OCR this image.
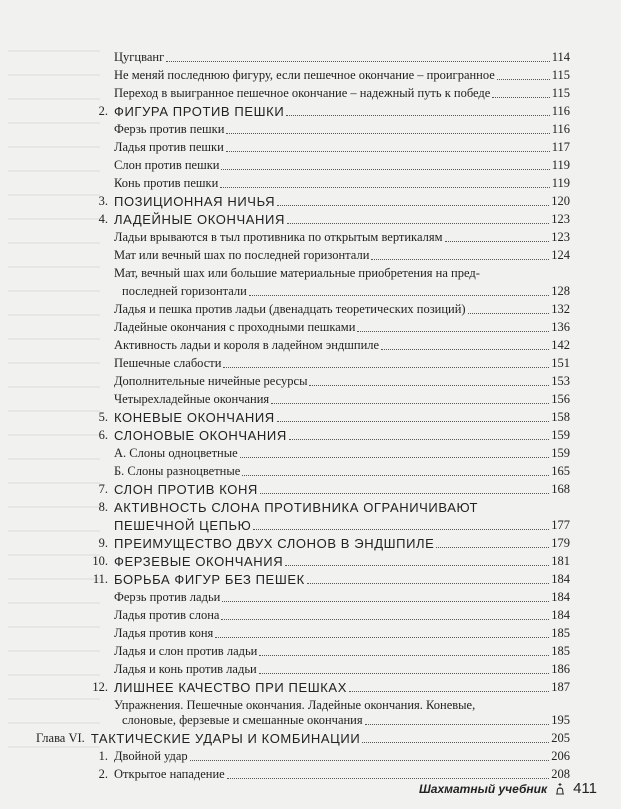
Цугцванг	114
Не меняй последнюю фигуру, если пешечное окончание – проигранное	115
Переход в выигранное пешечное окончание – надежный путь к победе	115
2. ФИГУРА ПРОТИВ ПЕШКИ	116
Ферзь против пешки	116
Ладья против пешки	117
Слон против пешки	119
Конь против пешки	119
3. ПОЗИЦИОННАЯ НИЧЬЯ	120
4. ЛАДЕЙНЫЕ ОКОНЧАНИЯ	123
Ладьи врываются в тыл противника по открытым вертикалям	123
Мат или вечный шах по последней горизонтали	124
Мат, вечный шах или большие материальные приобретения на пред-
последней горизонтали	128
Ладья и пешка против ладьи (двенадцать теоретических позиций)	132
Ладейные окончания с проходными пешками	136
Активность ладьи и короля в ладейном эндшпиле	142
Пешечные слабости	151
Дополнительные ничейные ресурсы	153
Четырехладейные окончания	156
5. КОНЕВЫЕ ОКОНЧАНИЯ	158
6. СЛОНОВЫЕ ОКОНЧАНИЯ	159
А. Слоны одноцветные	159
Б. Слоны разноцветные	165
7. СЛОН ПРОТИВ КОНЯ	168
8. АКТИВНОСТЬ СЛОНА ПРОТИВНИКА ОГРАНИЧИВАЮТ
ПЕШЕЧНОЙ ЦЕПЬЮ	177
9. ПРЕИМУЩЕСТВО ДВУХ СЛОНОВ В ЭНДШПИЛЕ	179
10. ФЕРЗЕВЫЕ ОКОНЧАНИЯ	181
11. БОРЬБА ФИГУР БЕЗ ПЕШЕК	184
Ферзь против ладьи	184
Ладья против слона	184
Ладья против коня	185
Ладья и слон против ладьи	185
Ладья и конь против ладьи	186
12. ЛИШНЕЕ КАЧЕСТВО ПРИ ПЕШКАХ	187
Упражнения. Пешечные окончания. Ладейные окончания. Коневые,
слоновые, ферзевые и смешанные окончания	195
Глава VI. ТАКТИЧЕСКИЕ УДАРЫ И КОМБИНАЦИИ	205
1. Двойной удар	206
2. Открытое нападение	208
Шахматный учебник 411
